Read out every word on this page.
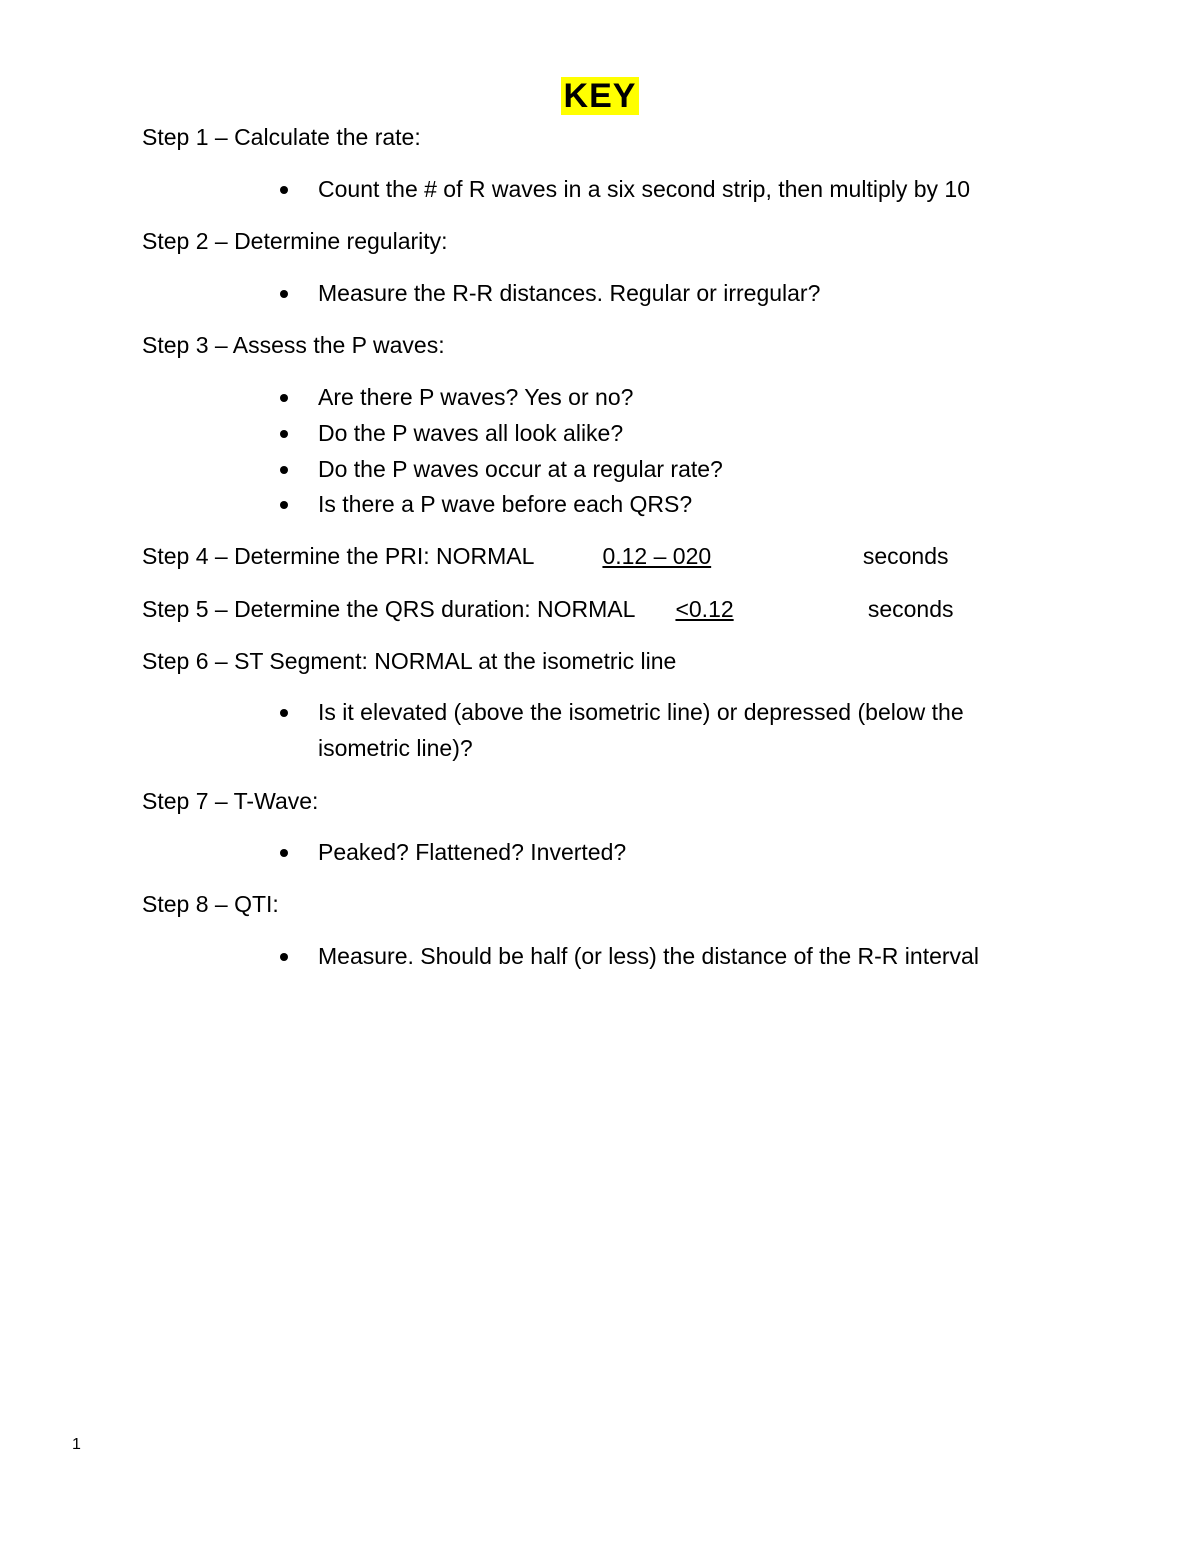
KEY
Step 1 – Calculate the rate:
Count the # of R waves in a six second strip, then multiply by 10
Step 2 – Determine regularity:
Measure the R-R distances. Regular or irregular?
Step 3 – Assess the P waves:
Are there P waves? Yes or no?
Do the P waves all look alike?
Do the P waves occur at a regular rate?
Is there a P wave before each QRS?
Step 4 – Determine the PRI: NORMAL	0.12 – 020	seconds
Step 5 – Determine the QRS duration: NORMAL <0.12	seconds
Step 6 – ST Segment: NORMAL at the isometric line
Is it elevated (above the isometric line) or depressed (below the
isometric line)?
Step 7 – T-Wave:
Peaked? Flattened? Inverted?
Step 8 – QTI:
Measure. Should be half (or less) the distance of the R-R interval
1
